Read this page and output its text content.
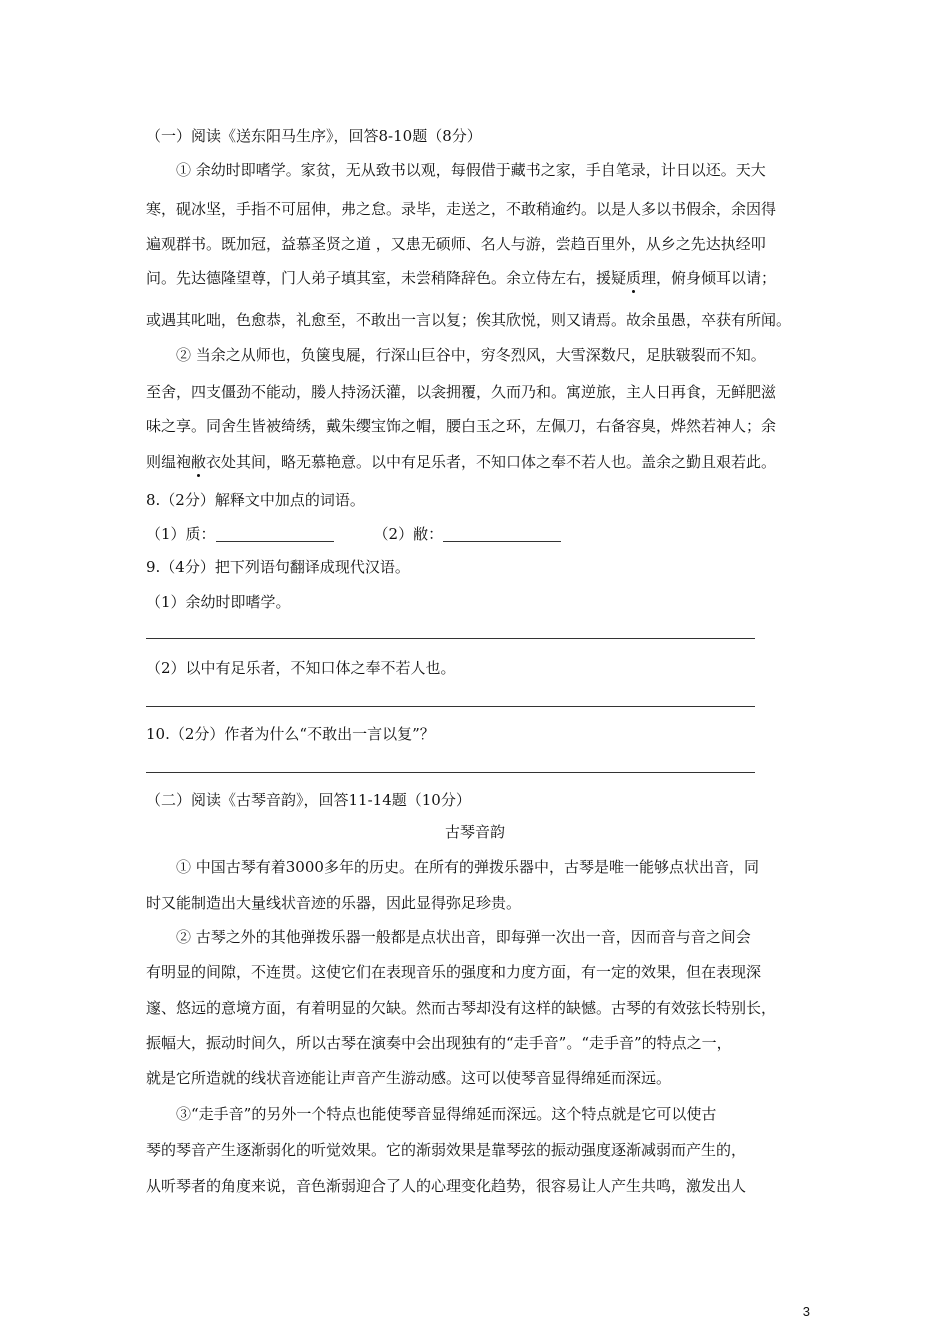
（一）阅读《送东阳马生序》，回答8-10题（8分）
① 余幼时即嗜学。家贫，无从致书以观，每假借于藏书之家，手自笔录，计日以还。天大
寒，砚冰坚，手指不可屈伸，弗之怠。录毕，走送之，不敢稍逾约。以是人多以书假余，余因得
遍观群书。既加冠，益慕圣贤之道 ，又患无硕师、名人与游，尝趋百里外，从乡之先达执经叩
问。先达德隆望尊，门人弟子填其室，未尝稍降辞色。余立侍左右，援疑质理，俯身倾耳以请；
或遇其叱咄，色愈恭，礼愈至，不敢出一言以复；俟其欣悦，则又请焉。故余虽愚，卒获有所闻。
② 当余之从师也，负箧曳屣，行深山巨谷中，穷冬烈风，大雪深数尺，足肤皲裂而不知。
至舍，四支僵劲不能动，媵人持汤沃灌，以衾拥覆，久而乃和。寓逆旅，主人日再食，无鲜肥滋
味之享。同舍生皆被绮绣，戴朱缨宝饰之帽，腰白玉之环，左佩刀，右备容臭，烨然若神人；余
则缊袍敝衣处其间，略无慕艳意。以中有足乐者，不知口体之奉不若人也。盖余之勤且艰若此。
8.（2分）解释文中加点的词语。
（1）质：	（2）敝：
9.（4分）把下列语句翻译成现代汉语。
（1）余幼时即嗜学。
（2）以中有足乐者，不知口体之奉不若人也。
10.（2分）作者为什么“不敢出一言以复”？
（二）阅读《古琴音韵》，回答11-14题（10分）
古琴音韵
① 中国古琴有着3000多年的历史。在所有的弹拨乐器中，古琴是唯一能够点状出音，同
时又能制造出大量线状音迹的乐器，因此显得弥足珍贵。
② 古琴之外的其他弹拨乐器一般都是点状出音，即每弹一次出一音，因而音与音之间会
有明显的间隙，不连贯。这使它们在表现音乐的强度和力度方面，有一定的效果，但在表现深
邃、悠远的意境方面，有着明显的欠缺。然而古琴却没有这样的缺憾。古琴的有效弦长特别长，
振幅大，振动时间久，所以古琴在演奏中会出现独有的“走手音”。“走手音”的特点之一，
就是它所造就的线状音迹能让声音产生游动感。这可以使琴音显得绵延而深远。
③“走手音”的另外一个特点也能使琴音显得绵延而深远。这个特点就是它可以使古
琴的琴音产生逐渐弱化的听觉效果。它的渐弱效果是靠琴弦的振动强度逐渐减弱而产生的，
从听琴者的角度来说，音色渐弱迎合了人的心理变化趋势，很容易让人产生共鸣，激发出人
3
